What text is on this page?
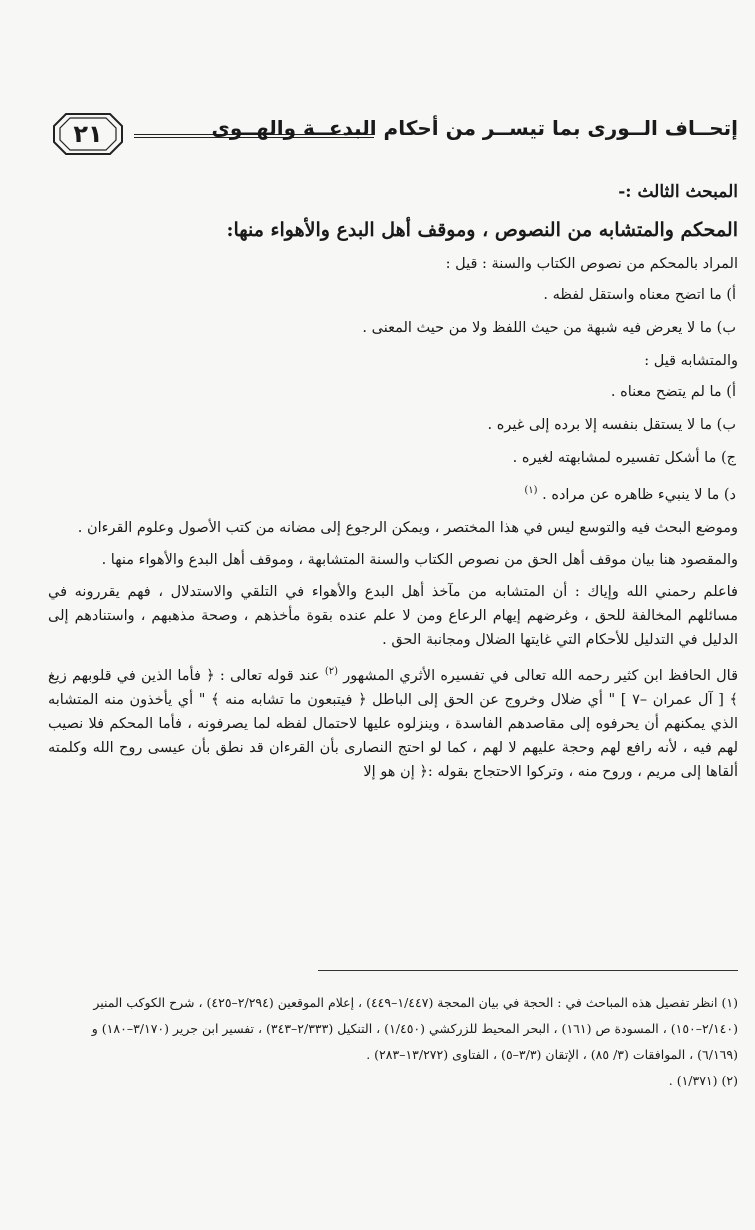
٢١	إتحــاف الــورى بما تيســر من أحكام البدعــة والهــوى
المبحث الثالث :-
المحكم والمتشابه من النصوص ، وموقف أهل البدع والأهواء منها:
المراد بالمحكم من نصوص الكتاب والسنة : قيل :
أ) ما اتضح معناه واستقل لفظه .
ب) ما لا يعرض فيه شبهة من حيث اللفظ ولا من حيث المعنى .
والمتشابه قيل :
أ) ما لم يتضح معناه .
ب) ما لا يستقل بنفسه إلا برده إلى غيره .
ج) ما أشكل تفسيره لمشابهته لغيره .
د) ما لا ينبيء ظاهره عن مراده . $^{(١)}$
وموضع البحث فيه والتوسع ليس في هذا المختصر ، ويمكن الرجوع إلى مضانه من كتب الأصول وعلوم القرءان .
والمقصود هنا بيان موقف أهل الحق من نصوص الكتاب والسنة المتشابهة ، وموقف أهل البدع والأهواء منها .
فاعلم رحمني الله وإياك : أن المتشابه من مآخذ أهل البدع والأهواء في التلقي والاستدلال ، فهم يقررونه في مسائلهم المخالفة للحق ، وغرضهم إيهام الرعاع ومن لا علم عنده بقوة مأخذهم ، وصحة مذهبهم ، واستنادهم إلى الدليل في التدليل للأحكام التي غايتها الضلال ومجانبة الحق .
قال الحافظ ابن كثير رحمه الله تعالى في تفسيره الأثري المشهور $^{(٢)}$ عند قوله تعالى : ﴿ فأما الذين في قلوبهم زيغ ﴾ [ آل عمران –٧ ] " أي ضلال وخروج عن الحق إلى الباطل ﴿ فيتبعون ما تشابه منه ﴾ " أي يأخذون منه المتشابه الذي يمكنهم أن يحرفوه إلى مقاصدهم الفاسدة ، وينزلوه عليها لاحتمال لفظه لما يصرفونه ، فأما المحكم فلا نصيب لهم فيه ، لأنه رافع لهم وحجة عليهم لا لهم ، كما لو احتج النصارى بأن القرءان قد نطق بأن عيسى روح الله وكلمته ألقاها إلى مريم ، وروح منه ، وتركوا الاحتجاج بقوله :﴿ إن هو إلا

(١) انظر تفصيل هذه المباحث في : الحجة في بيان المحجة (١/٤٤٧–٤٤٩) ، إعلام الموقعين (٢/٢٩٤–٤٢٥) ، شرح الكوكب المنير (٢/١٤٠–١٥٠) ، المسودة ص (١٦١) ، البحر المحيط للزركشي (١/٤٥٠) ، التنكيل (٢/٣٣٣–٣٤٣) ، تفسير ابن جرير (٣/١٧٠–١٨٠) و (٦/١٦٩) ، الموافقات (٣/ ٨٥) ، الإتقان (٣/٣–٥) ، الفتاوى (١٣/٢٧٢–٢٨٣) .

(٢) (١/٣٧١) .
